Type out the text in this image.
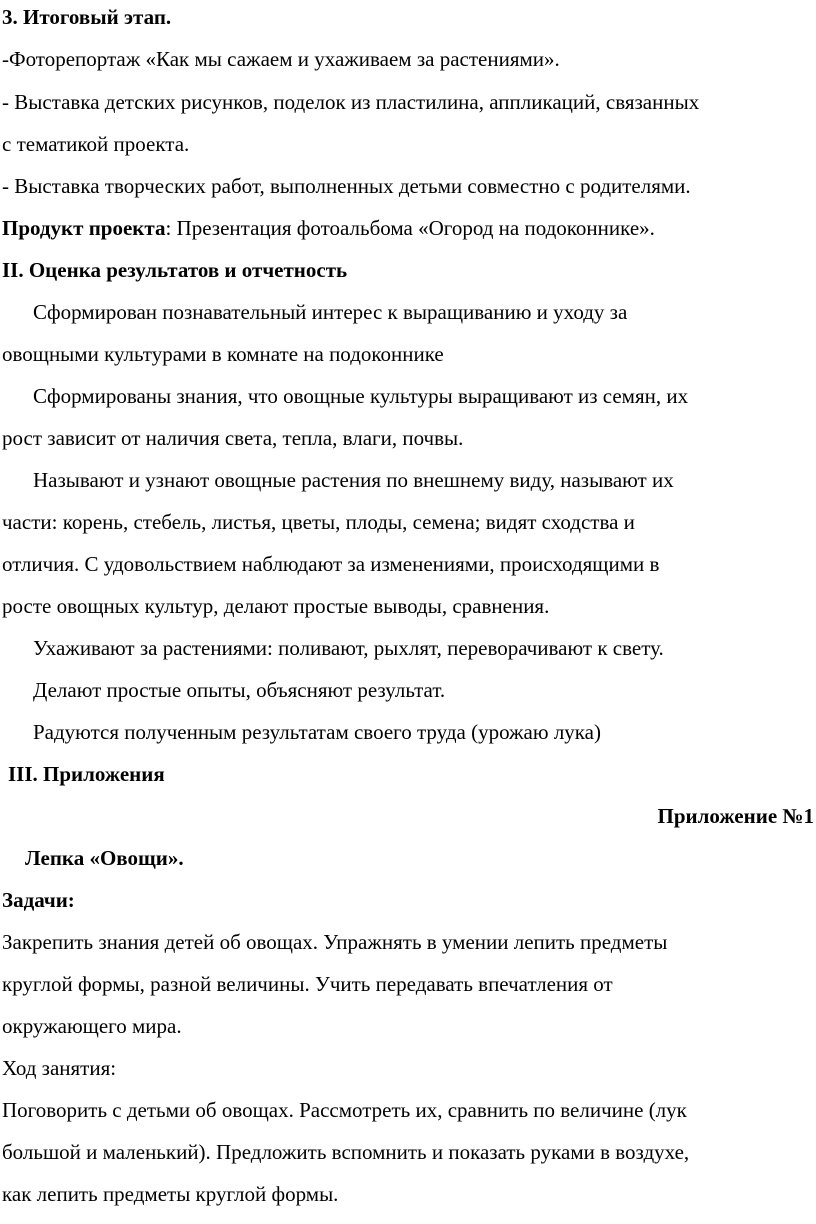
3. Итоговый этап.
-Фоторепортаж «Как мы сажаем и ухаживаем за растениями».
- Выставка детских рисунков, поделок из пластилина, аппликаций, связанных
с тематикой проекта.
- Выставка творческих работ, выполненных детьми совместно с родителями.
Продукт проекта: Презентация фотоальбома «Огород на подоконнике».
II. Оценка результатов и отчетность
Сформирован познавательный интерес к выращиванию и уходу за
овощными культурами в комнате на подоконнике
Сформированы знания, что овощные культуры выращивают из семян, их
рост зависит от наличия света, тепла, влаги, почвы.
Называют и узнают овощные растения по внешнему виду, называют их
части: корень, стебель, листья, цветы, плоды, семена; видят сходства и
отличия. С удовольствием наблюдают за изменениями, происходящими в
росте овощных культур, делают простые выводы, сравнения.
Ухаживают за растениями: поливают, рыхлят, переворачивают к свету.
Делают простые опыты, объясняют результат.
Радуются полученным результатам своего труда (урожаю лука)
III. Приложения
Приложение №1
Лепка «Овощи».
Задачи:
Закрепить знания детей об овощах. Упражнять в умении лепить предметы
круглой формы, разной величины. Учить передавать впечатления от
окружающего мира.
Ход занятия:
Поговорить с детьми об овощах. Рассмотреть их, сравнить по величине (лук
большой и маленький). Предложить вспомнить и показать руками в воздухе,
как лепить предметы круглой формы.
